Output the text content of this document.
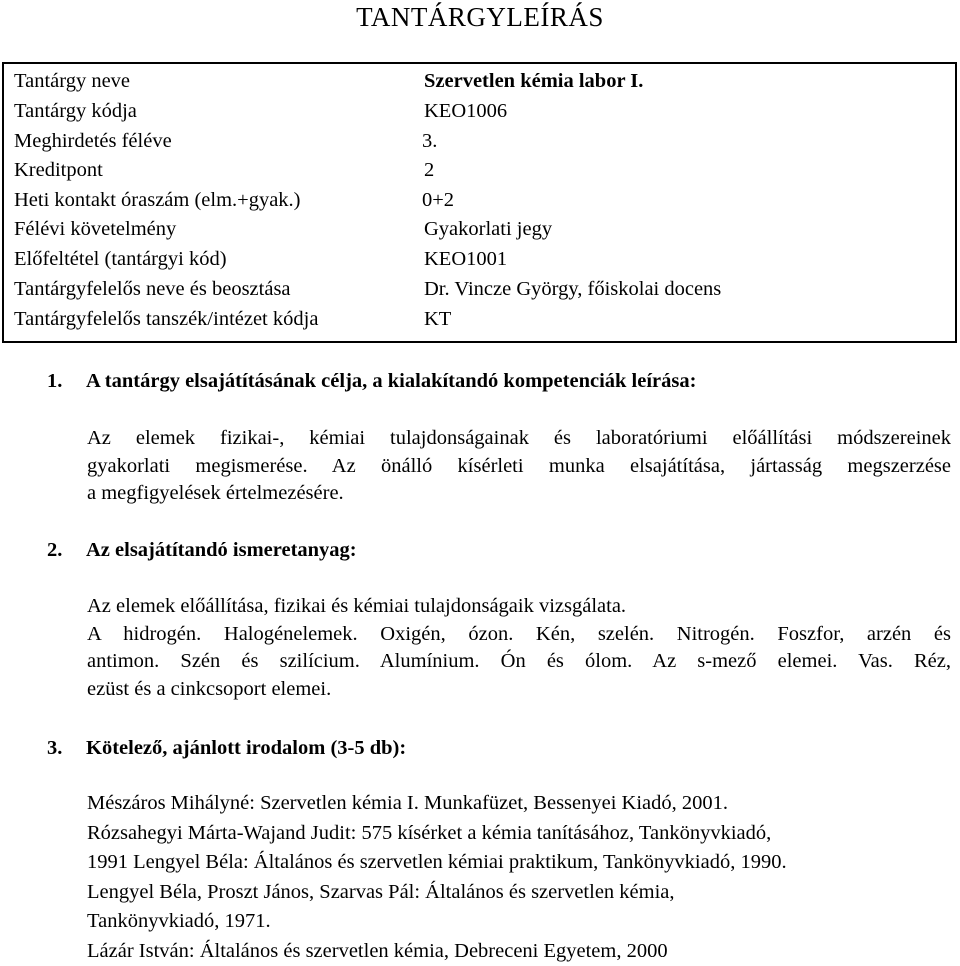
TANTÁRGYLEÍRÁS
Tantárgy neve	Szervetlen kémia labor I.
Tantárgy kódja	KEO1006
Meghirdetés féléve	3.
Kreditpont	2
Heti kontakt óraszám (elm.+gyak.)	0+2
Félévi követelmény	Gyakorlati jegy
Előfeltétel (tantárgyi kód)	KEO1001
Tantárgyfelelős neve és beosztása	Dr. Vincze György, főiskolai docens
Tantárgyfelelős tanszék/intézet kódja	KT
1. A tantárgy elsajátításának célja, a kialakítandó kompetenciák leírása:
Az elemek fizikai-, kémiai tulajdonságainak és laboratóriumi előállítási módszereinek
gyakorlati megismerése. Az önálló kísérleti munka elsajátítása, jártasság megszerzése
a megfigyelések értelmezésére.
2. Az elsajátítandó ismeretanyag:
Az elemek előállítása, fizikai és kémiai tulajdonságaik vizsgálata.
A hidrogén. Halogénelemek. Oxigén, ózon. Kén, szelén. Nitrogén. Foszfor, arzén és
antimon. Szén és szilícium. Alumínium. Ón és ólom. Az s-mező elemei. Vas. Réz,
ezüst és a cinkcsoport elemei.
3. Kötelező, ajánlott irodalom (3-5 db):
Mészáros Mihályné: Szervetlen kémia I. Munkafüzet, Bessenyei Kiadó, 2001.
Rózsahegyi Márta-Wajand Judit: 575 kísérket a kémia tanításához, Tankönyvkiadó,
1991 Lengyel Béla: Általános és szervetlen kémiai praktikum, Tankönyvkiadó, 1990.
Lengyel Béla, Proszt János, Szarvas Pál: Általános és szervetlen kémia,
Tankönyvkiadó, 1971.
Lázár István: Általános és szervetlen kémia, Debreceni Egyetem, 2000
